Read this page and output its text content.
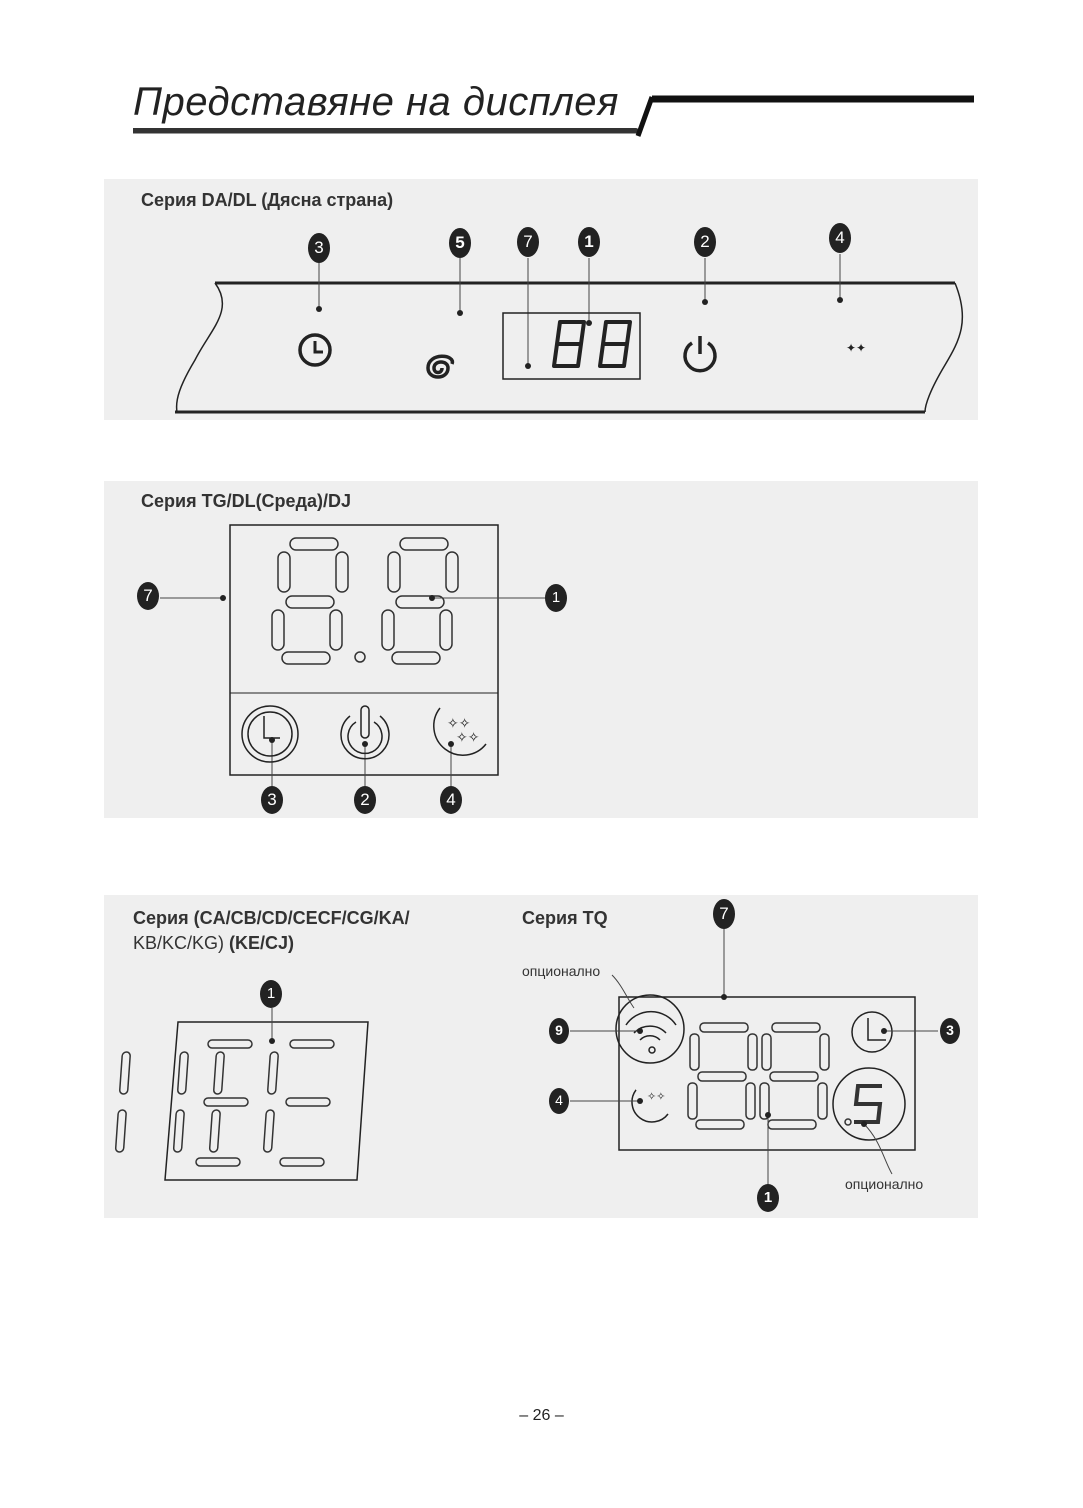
Представяне на дисплея
Серия DA/DL (Дясна страна)
Серия TG/DL(Среда)/DJ
Серия (CA/CB/CD/CECF/CG/KA/
KB/KC/KG) (KE/CJ)
Серия TQ
опционално
опционално
✦✦
3	5	7	1	2	4
✧✧
✧✧
7	1
3	2	4
1
✧✧
7
9
4
3
1
– 26 –
